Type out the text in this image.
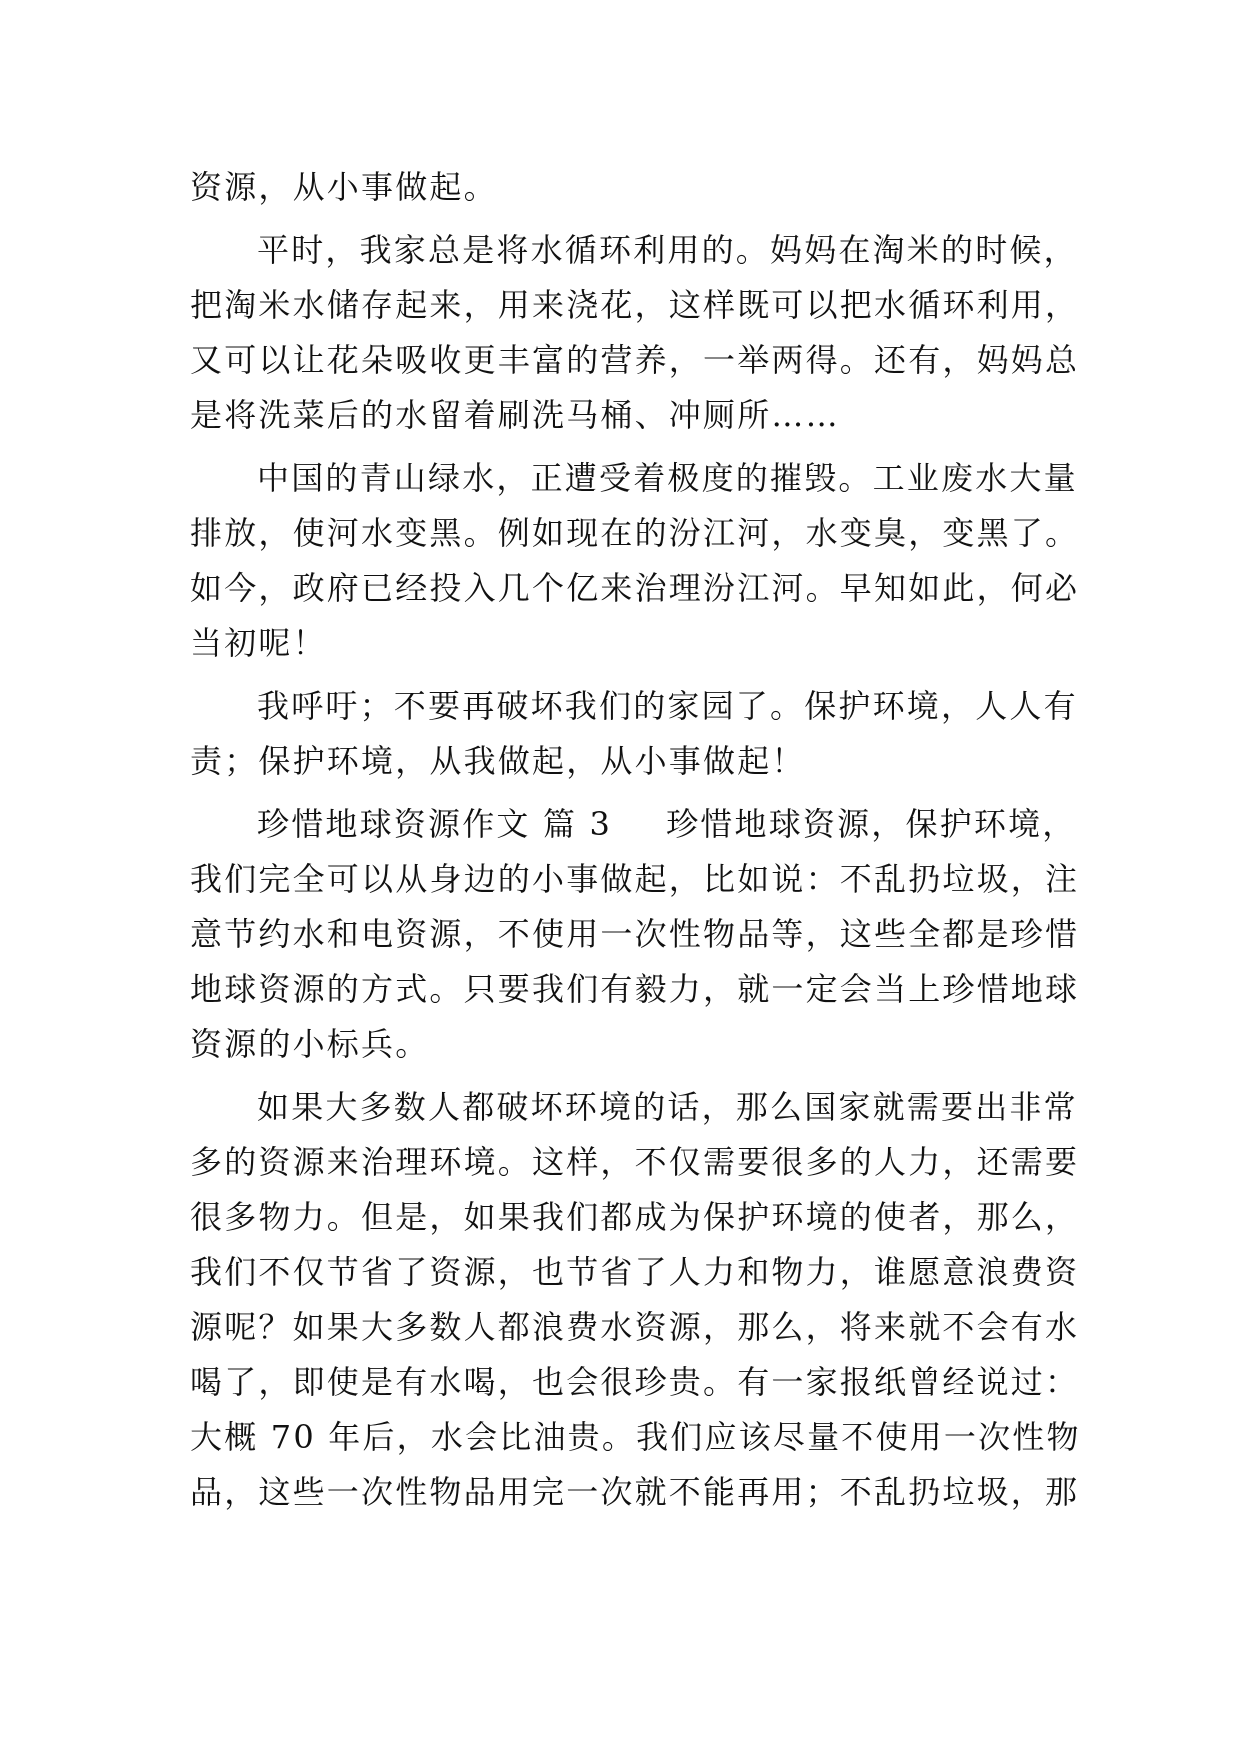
资源，从小事做起。
平时，我家总是将水循环利用的。妈妈在淘米的时候，
把淘米水储存起来，用来浇花，这样既可以把水循环利用，
又可以让花朵吸收更丰富的营养，一举两得。还有，妈妈总
是将洗菜后的水留着刷洗马桶、冲厕所……
中国的青山绿水，正遭受着极度的摧毁。工业废水大量
排放，使河水变黑。例如现在的汾江河，水变臭，变黑了。
如今，政府已经投入几个亿来治理汾江河。早知如此，何必
当初呢！
我呼吁；不要再破坏我们的家园了。保护环境，人人有
责；保护环境，从我做起，从小事做起！
珍惜地球资源作文 篇 3 珍惜地球资源，保护环境，
我们完全可以从身边的小事做起，比如说：不乱扔垃圾，注
意节约水和电资源，不使用一次性物品等，这些全都是珍惜
地球资源的方式。只要我们有毅力，就一定会当上珍惜地球
资源的小标兵。
如果大多数人都破坏环境的话，那么国家就需要出非常
多的资源来治理环境。这样，不仅需要很多的人力，还需要
很多物力。但是，如果我们都成为保护环境的使者，那么，
我们不仅节省了资源，也节省了人力和物力，谁愿意浪费资
源呢？如果大多数人都浪费水资源，那么，将来就不会有水
喝了，即使是有水喝，也会很珍贵。有一家报纸曾经说过：
大概 70 年后，水会比油贵。我们应该尽量不使用一次性物
品，这些一次性物品用完一次就不能再用；不乱扔垃圾，那
